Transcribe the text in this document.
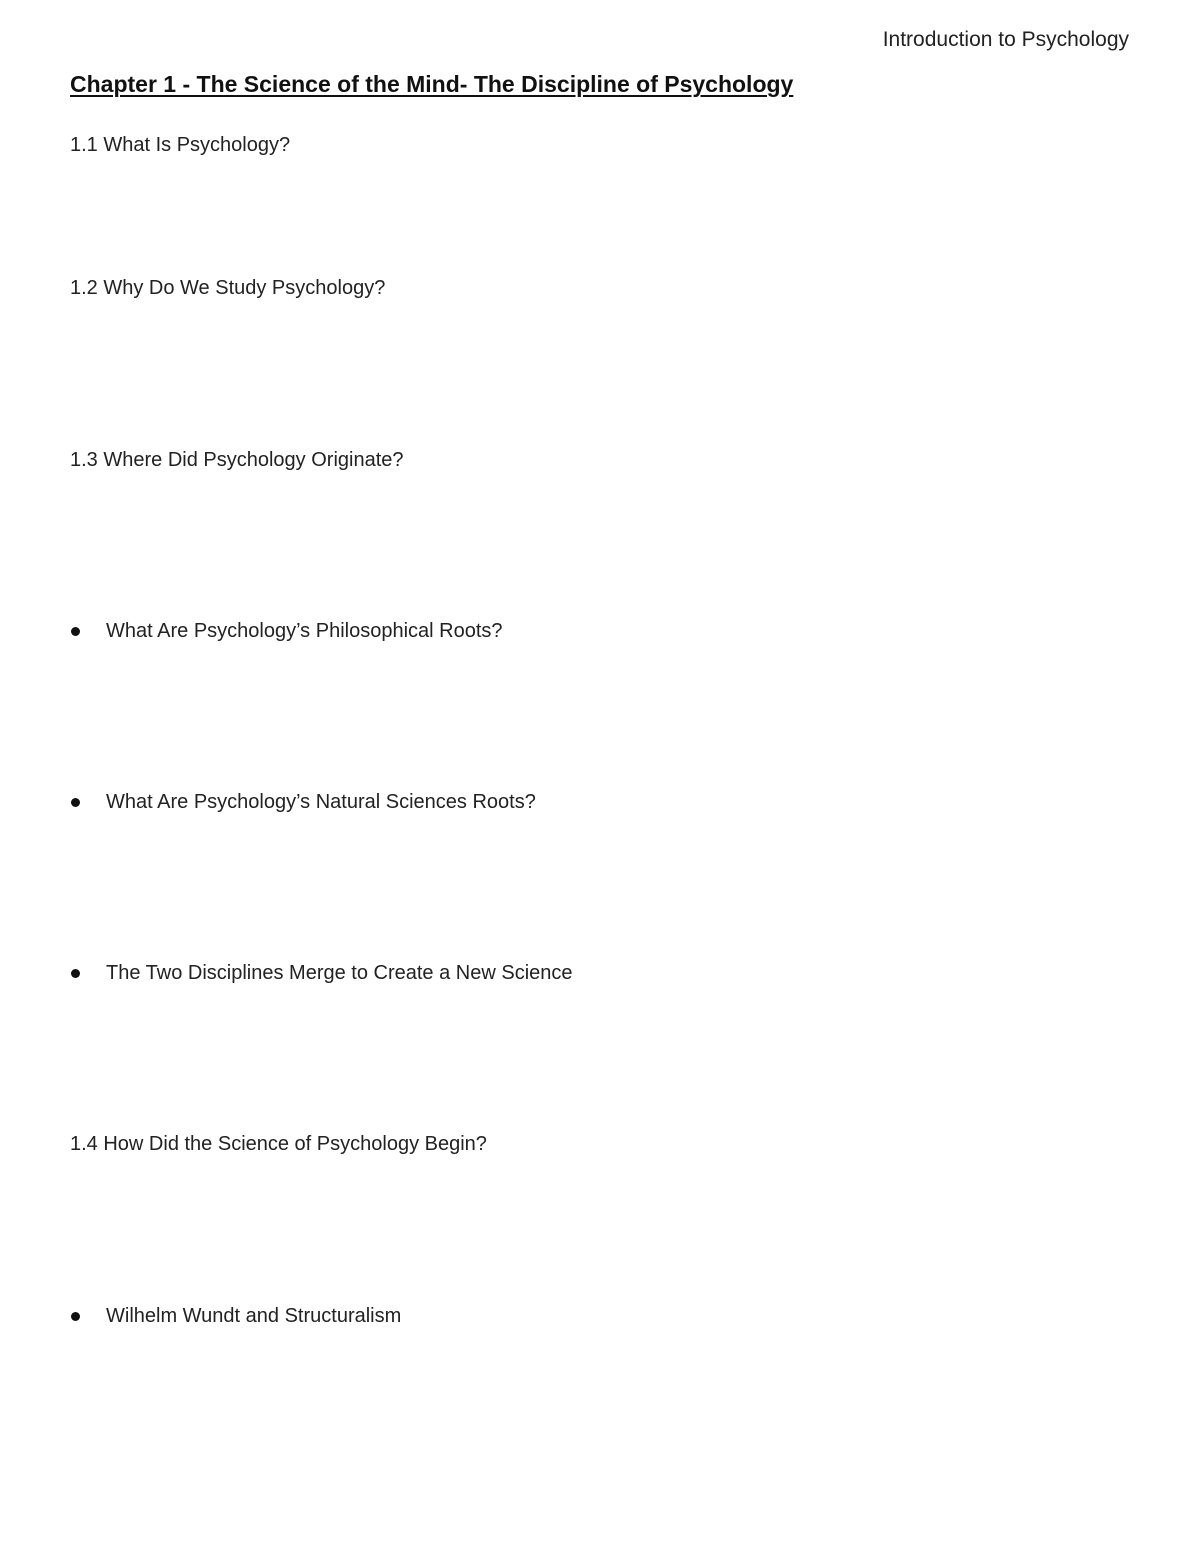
Introduction to Psychology
Chapter 1 - The Science of the Mind- The Discipline of Psychology
1.1 What Is Psychology?
1.2 Why Do We Study Psychology?
1.3 Where Did Psychology Originate?
What Are Psychology’s Philosophical Roots?
What Are Psychology’s Natural Sciences Roots?
The Two Disciplines Merge to Create a New Science
1.4 How Did the Science of Psychology Begin?
Wilhelm Wundt and Structuralism
